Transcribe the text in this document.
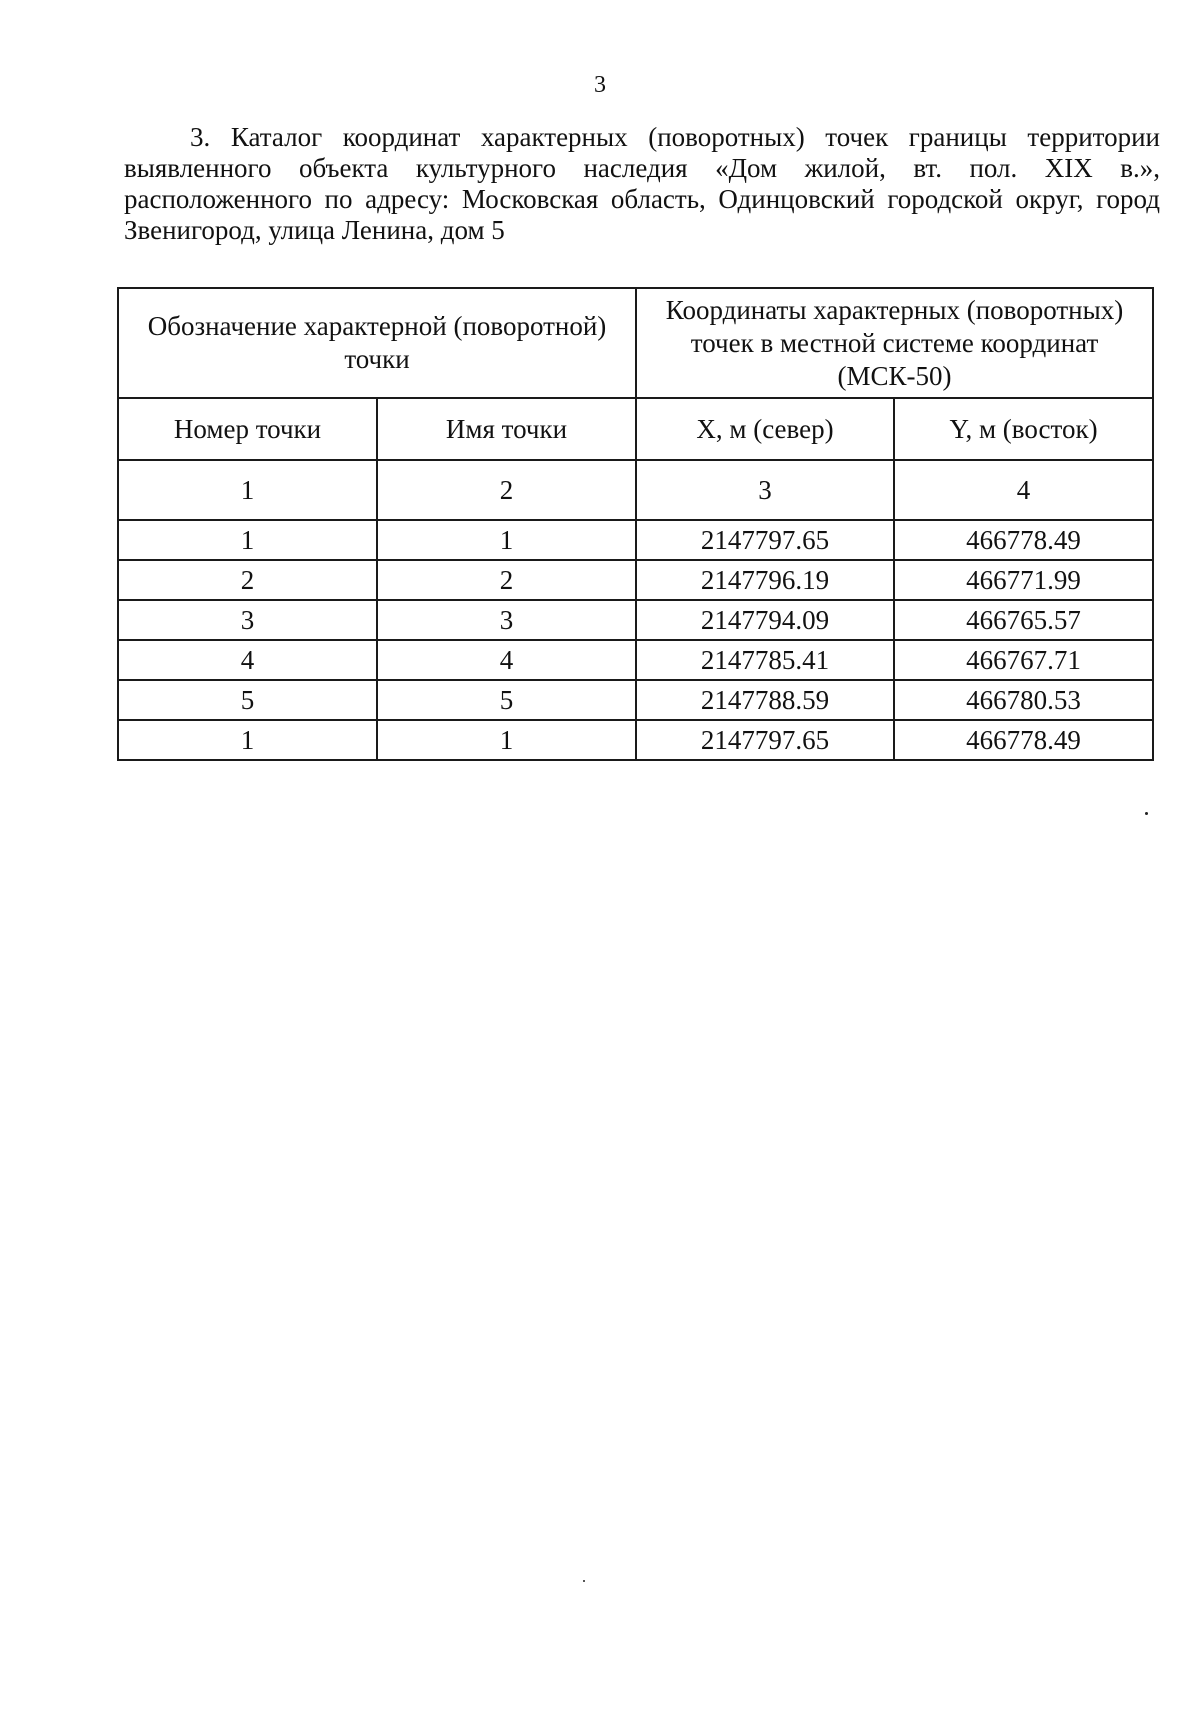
3

3. Каталог координат характерных (поворотных) точек границы территории выявленного объекта культурного наследия «Дом жилой, вт. пол. XIX в.», расположенного по адресу: Московская область, Одинцовский городской округ, город Звенигород, улица Ленина, дом 5

Обозначение характерной (поворотной) точки		Координаты характерных (поворотных) точек в местной системе координат (МСК-50)	
Номер точки	Имя точки	X, м (север)	Y, м (восток)
1	2	3	4
1	1	2147797.65	466778.49
2	2	2147796.19	466771.99
3	3	2147794.09	466765.57
4	4	2147785.41	466767.71
5	5	2147788.59	466780.53
1	1	2147797.65	466778.49
